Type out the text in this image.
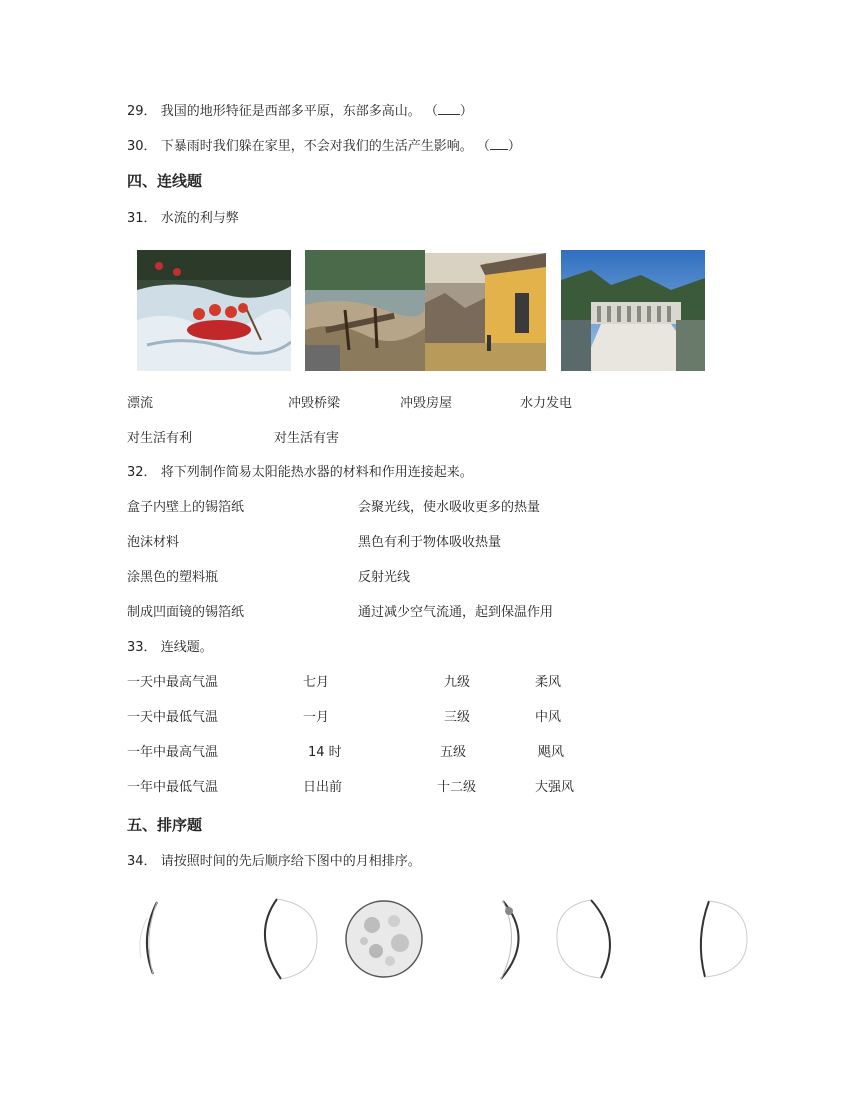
29． 我国的地形特征是西部多平原，东部多高山。 （ ）
30． 下暴雨时我们躲在家里，不会对我们的生活产生影响。 （ ）
四、连线题
31． 水流的利与弊
漂流	冲毁桥梁	冲毁房屋	水力发电
对生活有利	对生活有害
32． 将下列制作简易太阳能热水器的材料和作用连接起来。
盒子内壁上的锡箔纸	会聚光线，使水吸收更多的热量
泡沫材料	黑色有利于物体吸收热量
涂黑色的塑料瓶	反射光线
制成凹面镜的锡箔纸	通过减少空气流通，起到保温作用
33． 连线题。
一天中最高气温	七月	九级	柔风
一天中最低气温	一月	三级	中风
一年中最高气温	14 时	五级	飓风
一年中最低气温	日出前	十二级	大强风
五、排序题
34． 请按照时间的先后顺序给下图中的月相排序。
